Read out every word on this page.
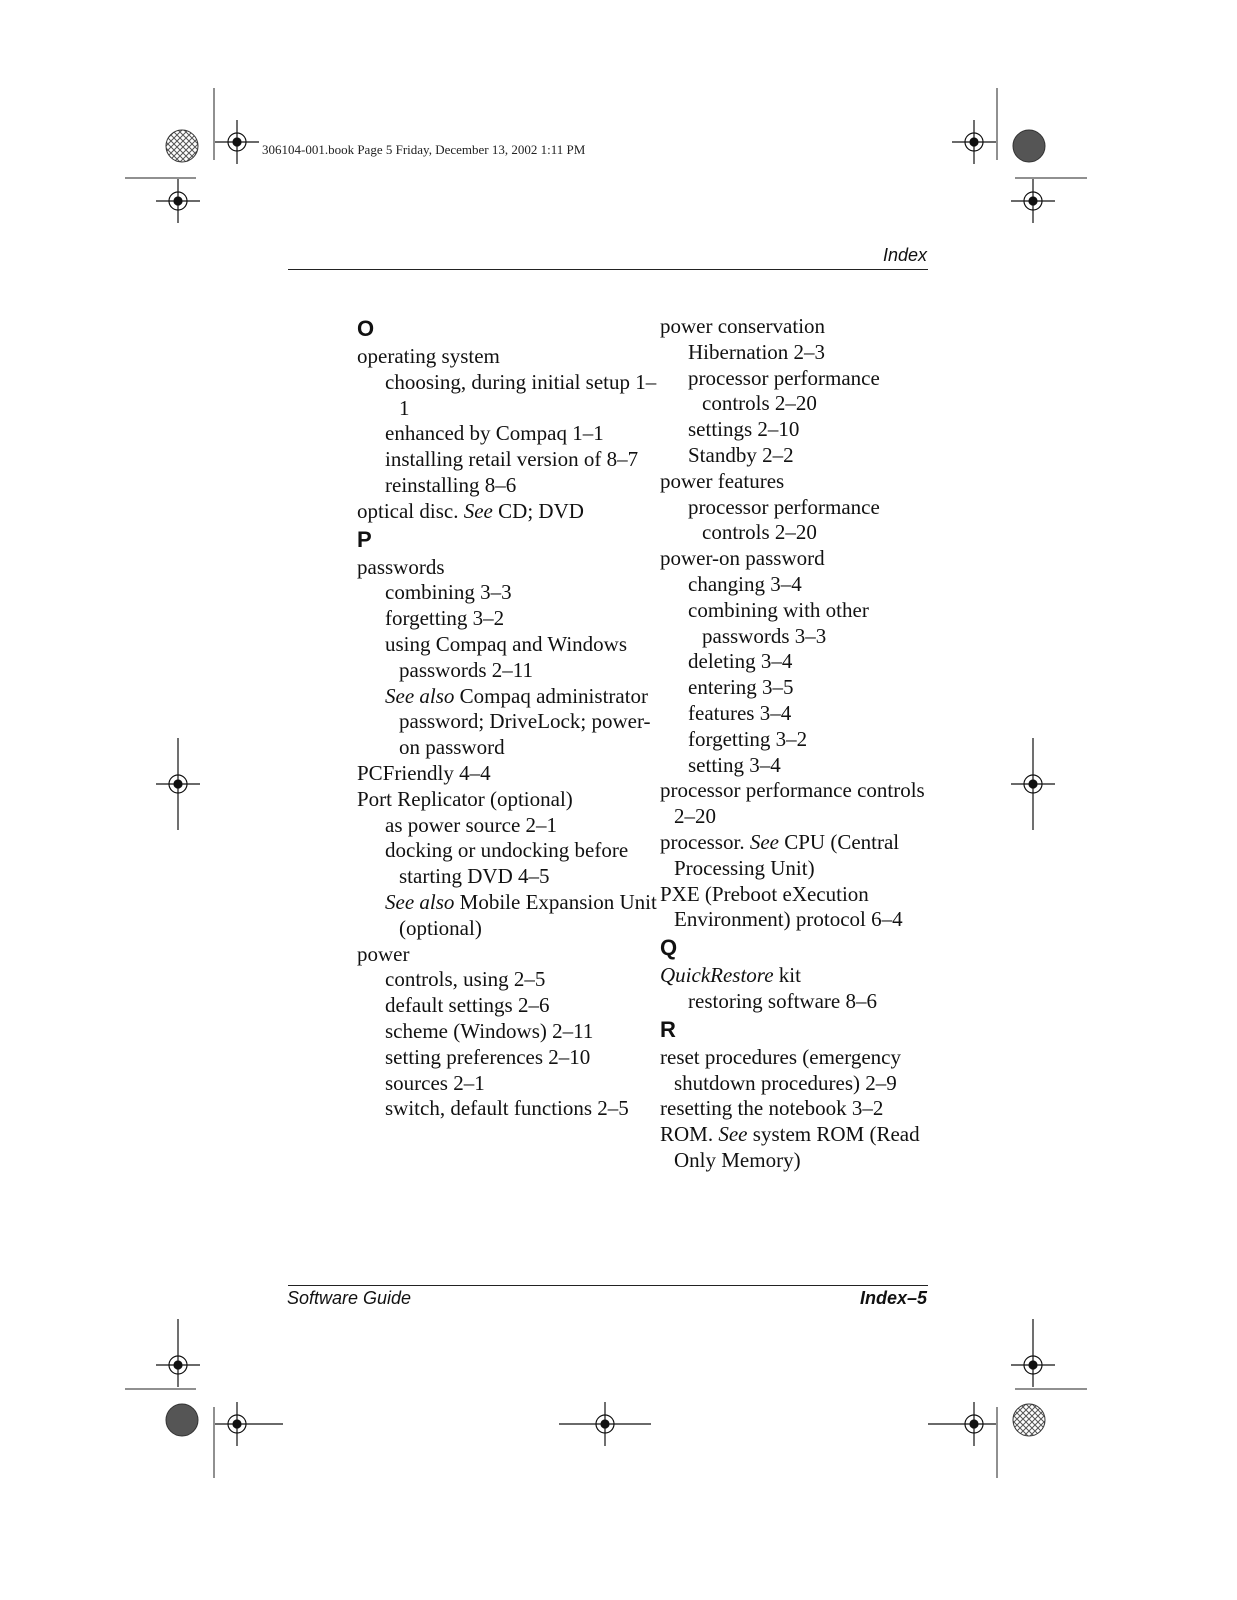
306104-001.book Page 5 Friday, December 13, 2002 1:11 PM
Index
O
operating system
choosing, during initial setup 1–1
enhanced by Compaq 1–1
installing retail version of 8–7
reinstalling 8–6
optical disc. See CD; DVD
P
passwords
combining 3–3
forgetting 3–2
using Compaq and Windows passwords 2–11
See also Compaq administrator password; DriveLock; power-on password
PCFriendly 4–4
Port Replicator (optional)
as power source 2–1
docking or undocking before starting DVD 4–5
See also Mobile Expansion Unit (optional)
power
controls, using 2–5
default settings 2–6
scheme (Windows) 2–11
setting preferences 2–10
sources 2–1
switch, default functions 2–5
power conservation
Hibernation 2–3
processor performance controls 2–20
settings 2–10
Standby 2–2
power features
processor performance controls 2–20
power-on password
changing 3–4
combining with other passwords 3–3
deleting 3–4
entering 3–5
features 3–4
forgetting 3–2
setting 3–4
processor performance controls 2–20
processor. See CPU (Central Processing Unit)
PXE (Preboot eXecution Environment) protocol 6–4
Q
QuickRestore kit
restoring software 8–6
R
reset procedures (emergency shutdown procedures) 2–9
resetting the notebook 3–2
ROM. See system ROM (Read Only Memory)
Software Guide	Index–5
